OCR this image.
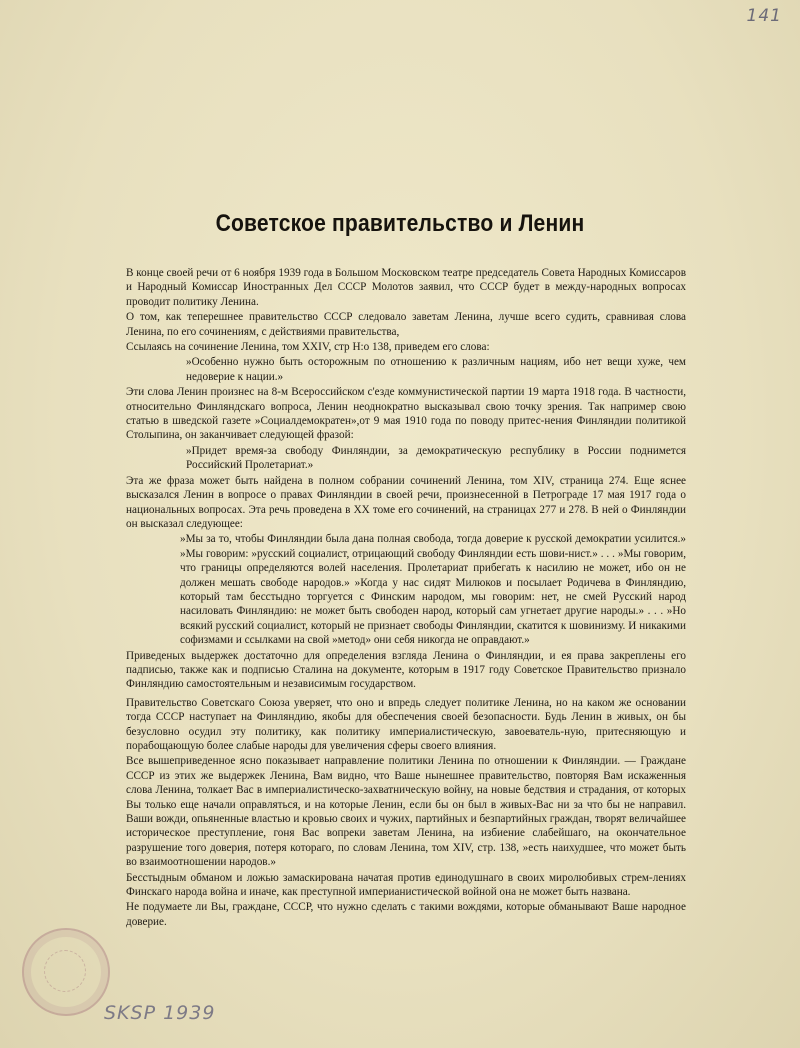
141
Советское правительство и Ленин

В конце своей речи от 6 ноября 1939 года в Большом Московском театре председатель Совета Народных Комиссаров и Народный Комиссар Иностранных Дел СССР Молотов заявил, что СССР будет в между-народных вопросах проводит политику Ленина.

О том, как теперешнее правительство СССР следовало заветам Ленина, лучше всего судить, сравнивая слова Ленина, по его сочинениям, с действиями правительства,

Ссылаясь на сочинение Ленина, том XXIV, стр Н:о 138, приведем его слова:

»Особенно нужно быть осторожным по отношению к различным нациям, ибо нет вещи хуже, чем недоверие к нации.»

Эти слова Ленин произнес на 8-м Всероссийском с'езде коммунистической партии 19 марта 1918 года. В частности, относительно Финляндскаго вопроса, Ленин неоднократно высказывал свою точку зрения. Так например свою статью в шведской газете »Социалдемократен»,от 9 мая 1910 года по поводу притес-нения Финляндии политикой Столыпина, он заканчивает следующей фразой:

»Придет время-за свободу Финляндии, за демократическую республику в России поднимется Российский Пролетариат.»

Эта же фраза может быть найдена в полном собрании сочинений Ленина, том XIV, страница 274. Еще яснее высказался Ленин в вопросе о правах Финляндии в своей речи, произнесенной в Петрограде 17 мая 1917 года о национальных вопросах. Эта речь проведена в XX томе его сочинений, на страницах 277 и 278. В ней о Финляндии он высказал следующее:

»Мы за то, чтобы Финляндии была дана полная свобода, тогда доверие к русской демократии усилится.» »Мы говорим: »русский социалист, отрицающий свободу Финляндии есть шови-нист.» . . . »Мы говорим, что границы определяются волей населения. Пролетариат прибегать к насилию не может, ибо он не должен мешать свободе народов.» »Когда у нас сидят Милюков и посылает Родичева в Финляндию, который там бесстыдно торгуется с Финским народом, мы говорим: нет, не смей Русский народ насиловать Финляндию: не может быть свободен народ, который сам угнетает другие народы.» . . . »Но всякий русский социалист, который не признает свободы Финляндии, скатится к шовинизму. И никакими софизмами и ссылками на свой »метод» они себя никогда не оправдают.»

Приведеных выдержек достаточно для определения взгляда Ленина о Финляндии, и ея права закреплены его падписью, также как и подписью Сталина на документе, которым в 1917 году Советское Правительство признало Финляндию самостоятельным и независимым государством.

Правительство Советскаго Союза уверяет, что оно и впредь следует политике Ленина, но на каком же основании тогда СССР наступает на Финляндию, якобы для обеспечения своей безопасности. Будь Ленин в живых, он бы безусловно осудил эту политику, как политику империалистическую, завоеватель-ную, притесняющую и порабощающую более слабые народы для увеличения сферы своего влияния.

Все вышеприведенное ясно показывает направление политики Ленина по отношении к Финляндии. — Граждане СССР из этих же выдержек Ленина, Вам видно, что Ваше нынешнее правительство, повторяя Вам искаженныя слова Ленина, толкает Вас в империалистическо-захватническую войну, на новые бедствия и страдания, от которых Вы только еще начали оправляться, и на которые Ленин, если бы он был в живых-Вас ни за что бы не направил. Ваши вожди, опьяненные властью и кровью своих и чужих, партийных и безпартийных граждан, творят величайшее историческое преступление, гоня Вас вопреки заветам Ленина, на избиение слабейшаго, на окончательное разрушение того доверия, потеря котораго, по словам Ленина, том XIV, стр. 138, »есть наихудшее, что может быть во взаимоотношении народов.»

Бесстыдным обманом и ложью замаскирована начатая против единодушнаго в своих миролюбивых стрем-лениях Финскаго народа война и иначе, как преступной империанистической войной она не может быть названа.

Не подумаете ли Вы, граждане, СССР, что нужно сделать с такими вождями, которые обманывают Ваше народное доверие.

SKSP 1939
